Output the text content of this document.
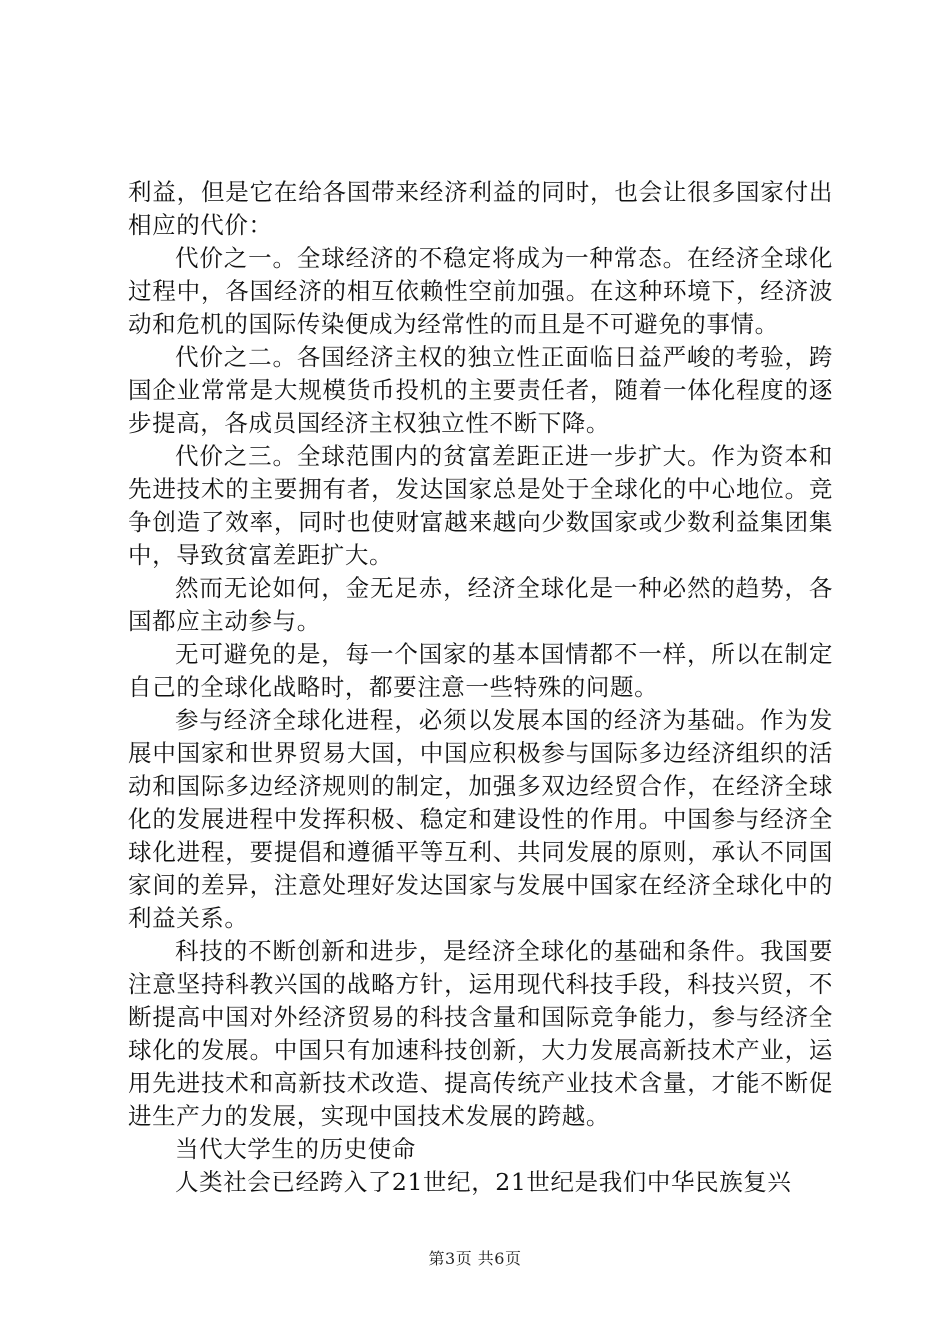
利益，但是它在给各国带来经济利益的同时，也会让很多国家付出相应的代价：

代价之一。全球经济的不稳定将成为一种常态。在经济全球化过程中，各国经济的相互依赖性空前加强。在这种环境下，经济波动和危机的国际传染便成为经常性的而且是不可避免的事情。

代价之二。各国经济主权的独立性正面临日益严峻的考验，跨国企业常常是大规模货币投机的主要责任者，随着一体化程度的逐步提高，各成员国经济主权独立性不断下降。

代价之三。全球范围内的贫富差距正进一步扩大。作为资本和先进技术的主要拥有者，发达国家总是处于全球化的中心地位。竞争创造了效率，同时也使财富越来越向少数国家或少数利益集团集中，导致贫富差距扩大。

然而无论如何，金无足赤，经济全球化是一种必然的趋势，各国都应主动参与。

无可避免的是，每一个国家的基本国情都不一样，所以在制定自己的全球化战略时，都要注意一些特殊的问题。

参与经济全球化进程，必须以发展本国的经济为基础。作为发展中国家和世界贸易大国，中国应积极参与国际多边经济组织的活动和国际多边经济规则的制定，加强多双边经贸合作，在经济全球化的发展进程中发挥积极、稳定和建设性的作用。中国参与经济全球化进程，要提倡和遵循平等互利、共同发展的原则，承认不同国家间的差异，注意处理好发达国家与发展中国家在经济全球化中的利益关系。

科技的不断创新和进步，是经济全球化的基础和条件。我国要注意坚持科教兴国的战略方针，运用现代科技手段，科技兴贸，不断提高中国对外经济贸易的科技含量和国际竞争能力，参与经济全球化的发展。中国只有加速科技创新，大力发展高新技术产业，运用先进技术和高新技术改造、提高传统产业技术含量，才能不断促进生产力的发展，实现中国技术发展的跨越。

当代大学生的历史使命

人类社会已经跨入了21世纪，21世纪是我们中华民族复兴

第3页 共6页
